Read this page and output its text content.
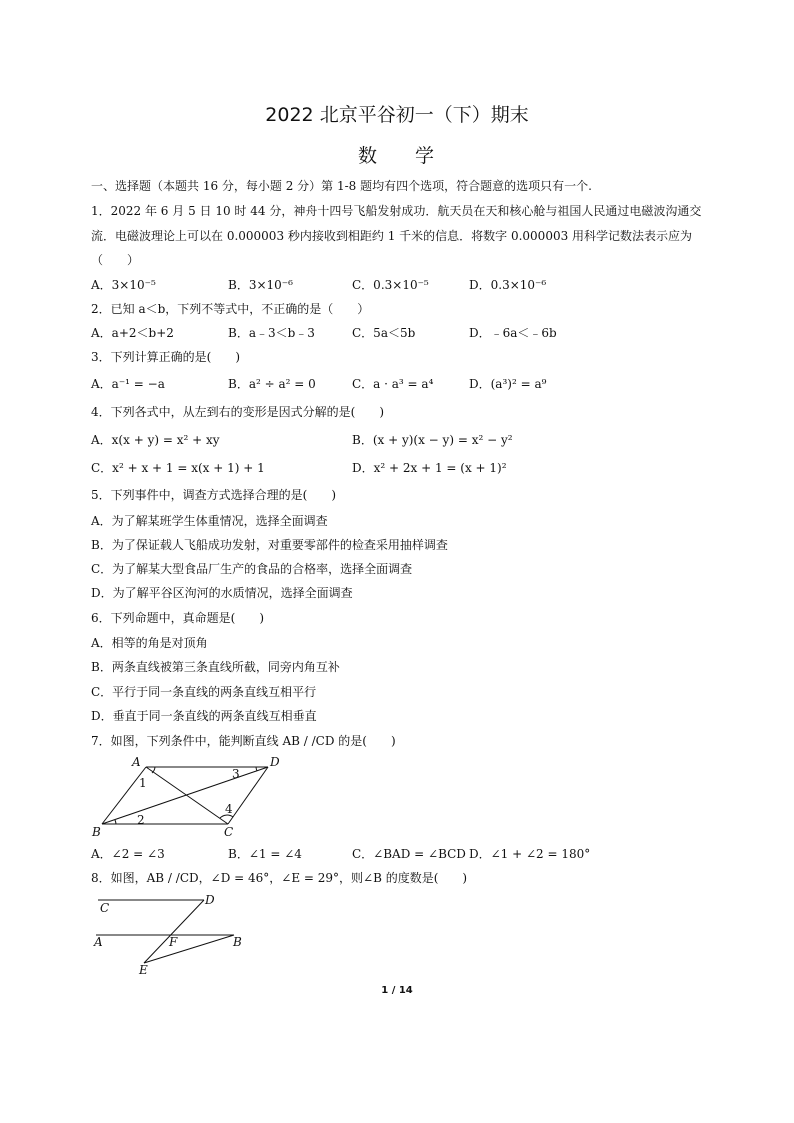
2022 北京平谷初一（下）期末
数 学
一、选择题（本题共 16 分，每小题 2 分）第 1-8 题均有四个选项，符合题意的选项只有一个.
1．2022 年 6 月 5 日 10 时 44 分，神舟十四号飞船发射成功．航天员在天和核心舱与祖国人民通过电磁波沟通交
流．电磁波理论上可以在 0.000003 秒内接收到相距约 1 千米的信息．将数字 0.000003 用科学记数法表示应为
（　　）
A．3×10⁻⁵	B．3×10⁻⁶	C．0.3×10⁻⁵	D．0.3×10⁻⁶
2．已知 a＜b，下列不等式中，不正确的是（　　）
A．a+2＜b+2	B．a﹣3＜b﹣3	C．5a＜5b	D．﹣6a＜﹣6b
3．下列计算正确的是(　　)
A．a⁻¹ = −a	B．a² ÷ a² = 0	C．a · a³ = a⁴	D．(a³)² = a⁹
4．下列各式中，从左到右的变形是因式分解的是(　　)
A．x(x + y) = x² + xy	B．(x + y)(x − y) = x² − y²
C．x² + x + 1 = x(x + 1) + 1	D．x² + 2x + 1 = (x + 1)²
5．下列事件中，调查方式选择合理的是(　　)
A．为了解某班学生体重情况，选择全面调查
B．为了保证载人飞船成功发射，对重要零部件的检查采用抽样调查
C．为了解某大型食品厂生产的食品的合格率，选择全面调查
D．为了解平谷区泃河的水质情况，选择全面调查
6．下列命题中，真命题是(　　)
A．相等的角是对顶角
B．两条直线被第三条直线所截，同旁内角互补
C．平行于同一条直线的两条直线互相平行
D．垂直于同一条直线的两条直线互相垂直
7．如图，下列条件中，能判断直线 AB / /CD 的是(　　)
A	D
B	C
1
2
3
4
A．∠2 = ∠3	B．∠1 = ∠4	C．∠BAD = ∠BCD D．∠1 + ∠2 = 180°
8．如图，AB / /CD，∠D = 46°，∠E = 29°，则∠B 的度数是(　　)
C
D
A	F	B
E
1 / 14
